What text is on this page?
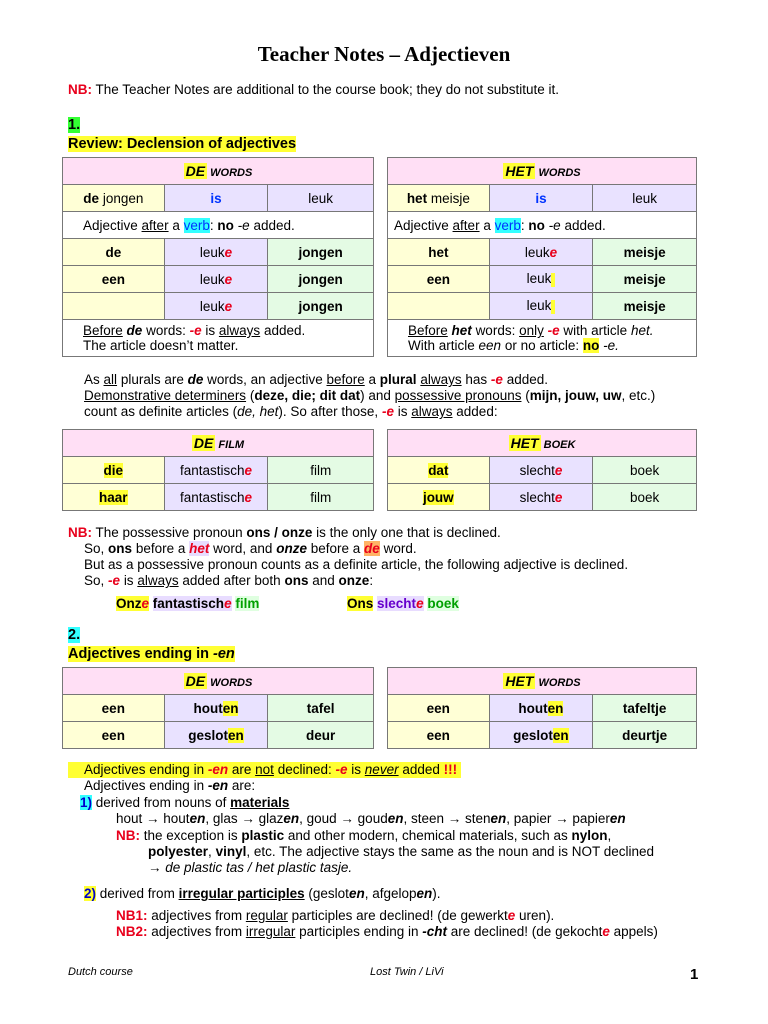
Teacher Notes – Adjectieven
NB: The Teacher Notes are additional to the course book; they do not substitute it.
1.
Review: Declension of adjectives
DE WORDS		
de jongen	is	leuk
Adjective after a verb: no -e added.		
de	leuke	jongen
een	leuke	jongen
	leuke	jongen
Before de words: -e is always added.
The article doesn’t matter.		
HET WORDS		
het meisje	is	leuk
Adjective after a verb: no -e added.		
het	leuke	meisje
een	leuk	meisje
	leuk	meisje
Before het words: only -e with article het.
With article een or no article: no -e.		
As all plurals are de words, an adjective before a plural always has -e added.
Demonstrative determiners (deze, die; dit dat) and possessive pronouns (mijn, jouw, uw, etc.)
count as definite articles (de, het). So after those, -e is always added:
DE FILM		
die	fantastische	film
haar	fantastische	film
HET BOEK		
dat	slechte	boek
jouw	slechte	boek
NB: The possessive pronoun ons / onze is the only one that is declined.
So, ons before a het word, and onze before a de word.
But as a possessive pronoun counts as a definite article, the following adjective is declined.
So, -e is always added after both ons and onze:
Onze fantastische film	Ons slechte boek
2.
Adjectives ending in -en
DE WORDS		
een	houten	tafel
een	gesloten	deur
HET WORDS		
een	houten	tafeltje
een	gesloten	deurtje
Adjectives ending in -en are not declined: -e is never added !!!
Adjectives ending in -en are:
1) derived from nouns of materials
hout → houten, glas → glazen, goud → gouden, steen → stenen, papier → papieren
NB: the exception is plastic and other modern, chemical materials, such as nylon,
polyester, vinyl, etc. The adjective stays the same as the noun and is NOT declined
→ de plastic tas / het plastic tasje.
2) derived from irregular participles (gesloten, afgelopen).
NB1: adjectives from regular participles are declined! (de gewerkte uren).
NB2: adjectives from irregular participles ending in -cht are declined! (de gekochte appels)
Dutch course	Lost Twin / LiVi	1
